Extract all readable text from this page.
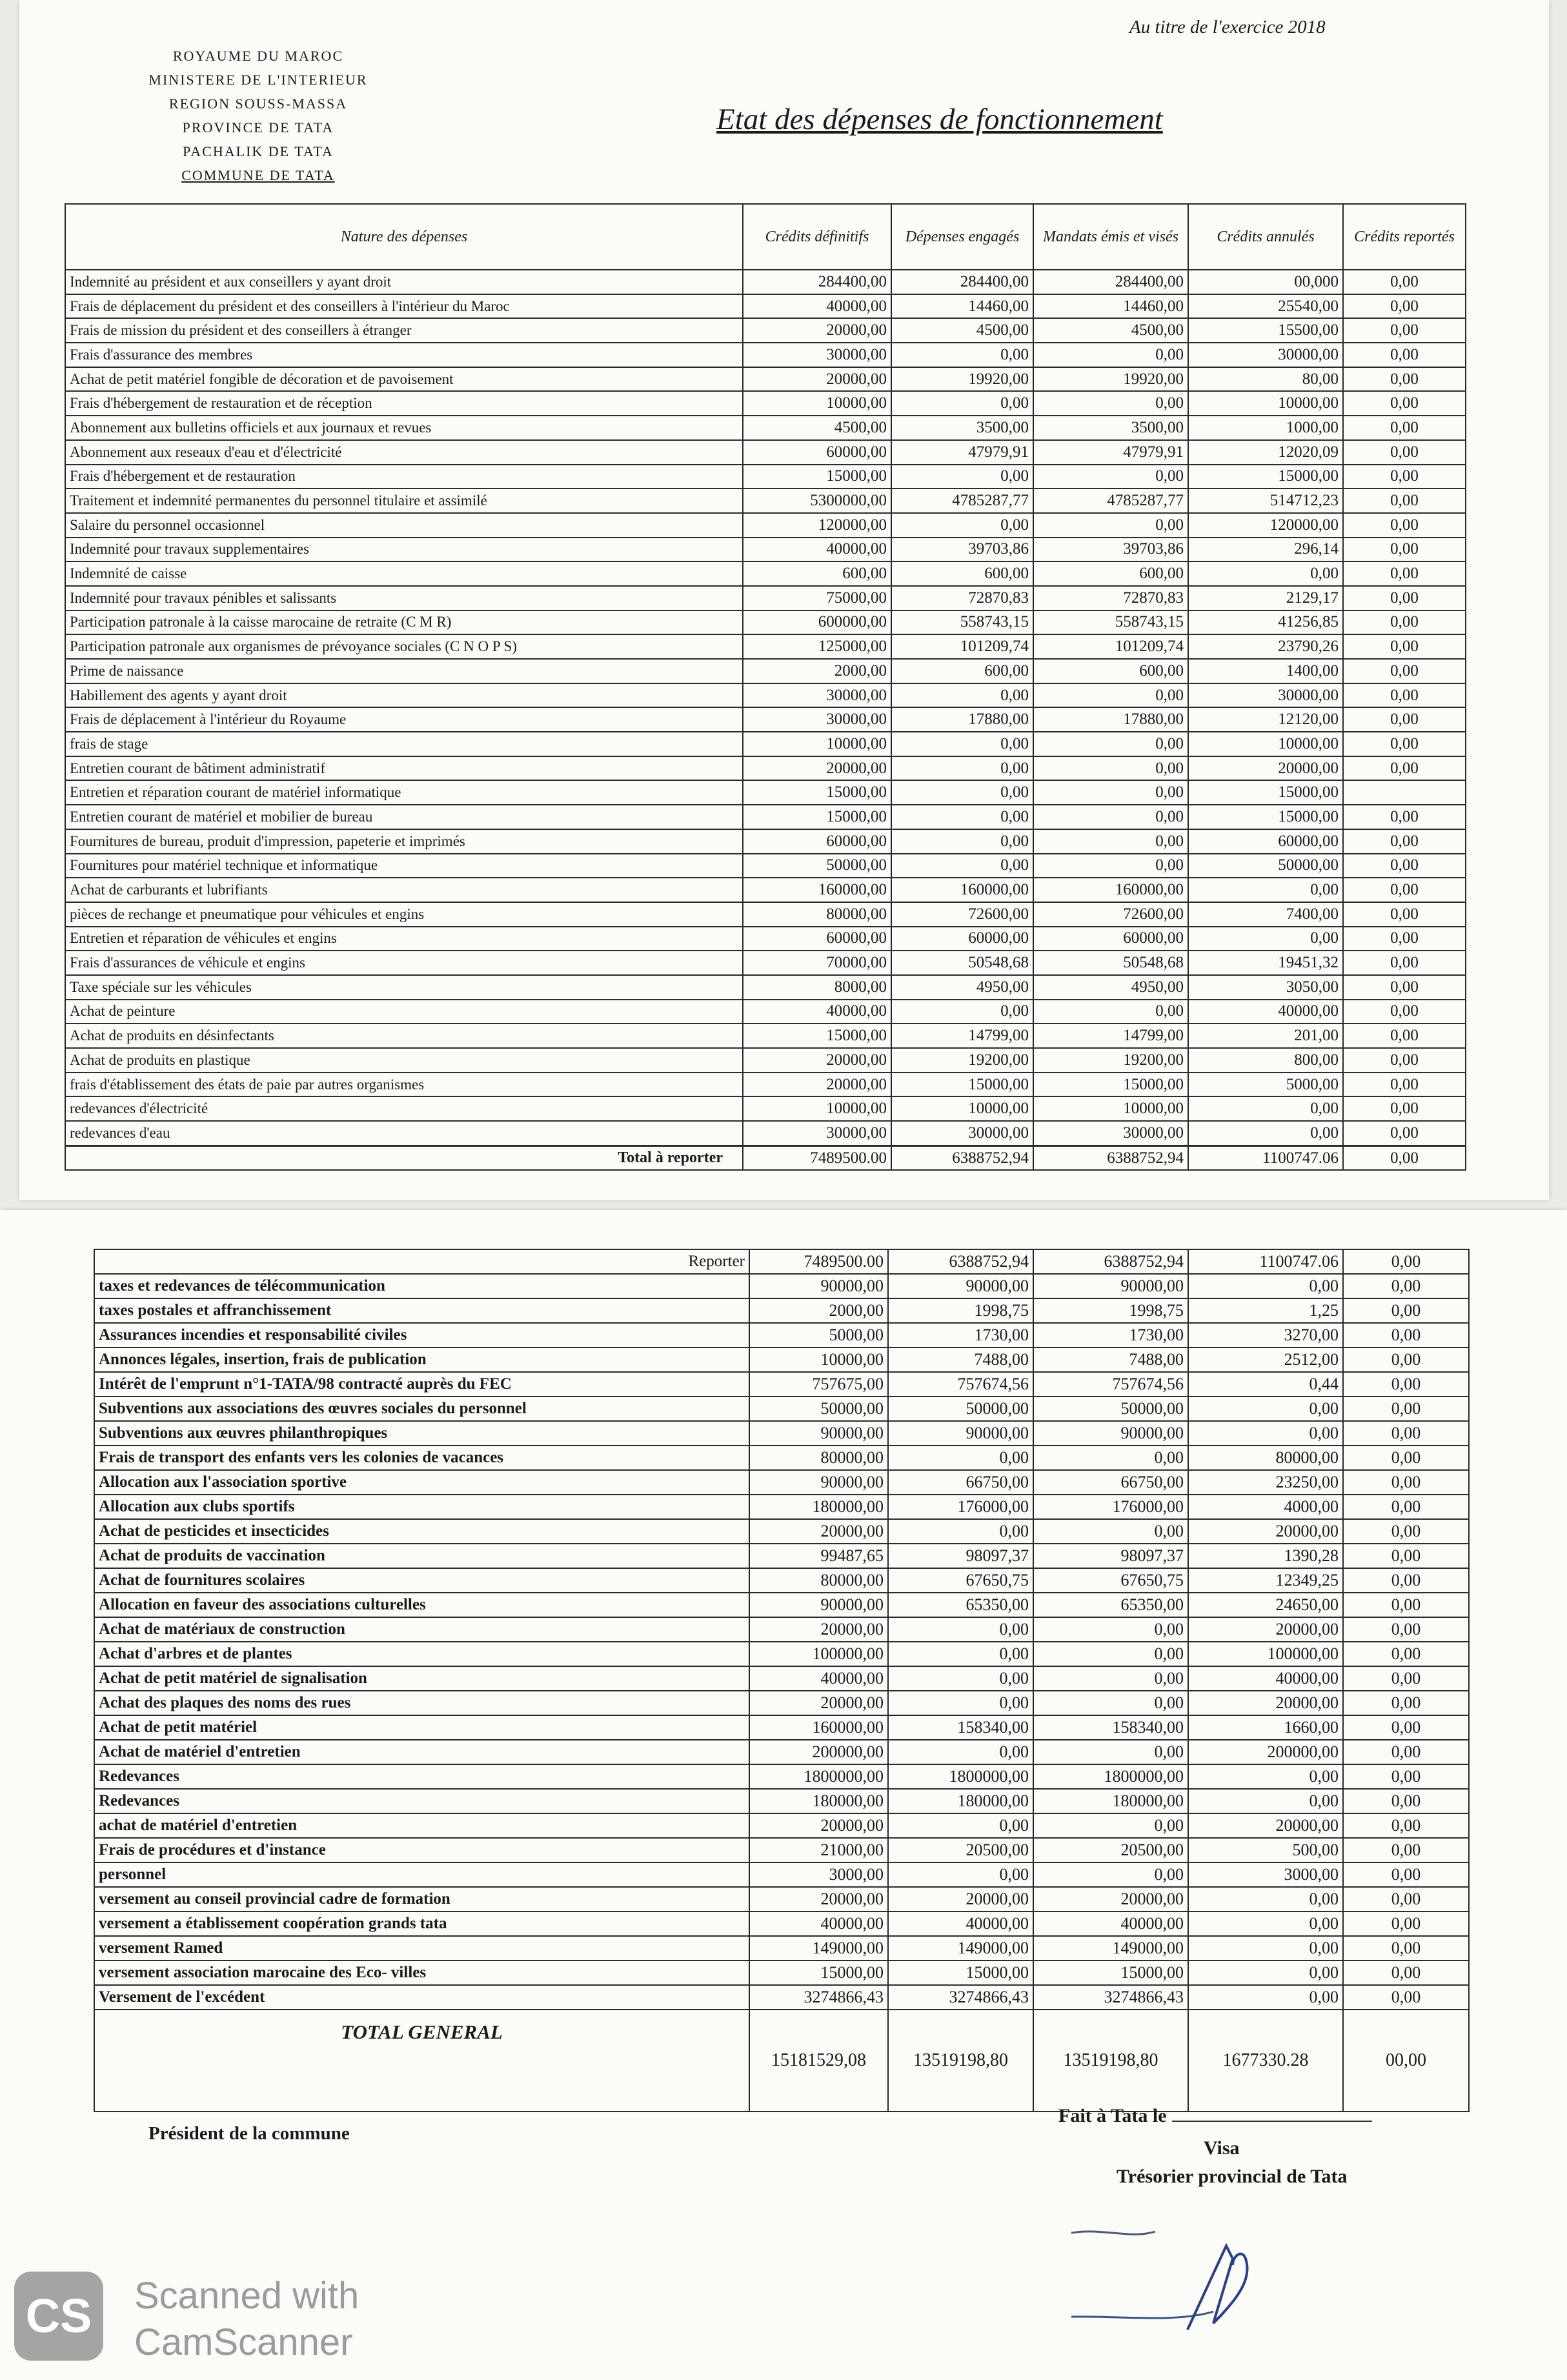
ROYAUME DU MAROC
MINISTERE DE L'INTERIEUR
REGION SOUSS-MASSA
PROVINCE DE TATA
PACHALIK DE TATA
COMMUNE DE TATA
Au titre de l'exercice 2018
Etat des dépenses de fonctionnement
Nature des dépenses	Crédits définitifs	Dépenses engagés	Mandats émis et visés	Crédits annulés	Crédits reportés
Indemnité au président et aux conseillers y ayant droit	284400,00	284400,00	284400,00	00,000	0,00
Frais de déplacement du président et des conseillers à l'intérieur du Maroc	40000,00	14460,00	14460,00	25540,00	0,00
Frais de mission du président et des conseillers à étranger	20000,00	4500,00	4500,00	15500,00	0,00
Frais d'assurance des membres	30000,00	0,00	0,00	30000,00	0,00
Achat de petit matériel fongible de décoration et de pavoisement	20000,00	19920,00	19920,00	80,00	0,00
Frais d'hébergement de restauration et de réception	10000,00	0,00	0,00	10000,00	0,00
Abonnement aux bulletins officiels et aux journaux et revues	4500,00	3500,00	3500,00	1000,00	0,00
Abonnement aux reseaux d'eau et d'électricité	60000,00	47979,91	47979,91	12020,09	0,00
Frais d'hébergement et de restauration	15000,00	0,00	0,00	15000,00	0,00
Traitement et indemnité permanentes du personnel titulaire et assimilé	5300000,00	4785287,77	4785287,77	514712,23	0,00
Salaire du personnel occasionnel	120000,00	0,00	0,00	120000,00	0,00
Indemnité pour travaux supplementaires	40000,00	39703,86	39703,86	296,14	0,00
Indemnité de caisse	600,00	600,00	600,00	0,00	0,00
Indemnité pour travaux pénibles et salissants	75000,00	72870,83	72870,83	2129,17	0,00
Participation patronale à la caisse marocaine de retraite (C M R)	600000,00	558743,15	558743,15	41256,85	0,00
Participation patronale aux organismes de prévoyance sociales (C N O P S)	125000,00	101209,74	101209,74	23790,26	0,00
Prime de naissance	2000,00	600,00	600,00	1400,00	0,00
Habillement des agents y ayant droit	30000,00	0,00	0,00	30000,00	0,00
Frais de déplacement à l'intérieur du Royaume	30000,00	17880,00	17880,00	12120,00	0,00
frais de stage	10000,00	0,00	0,00	10000,00	0,00
Entretien courant de bâtiment administratif	20000,00	0,00	0,00	20000,00	0,00
Entretien et réparation courant de matériel informatique	15000,00	0,00	0,00	15000,00	
Entretien courant de matériel et mobilier de bureau	15000,00	0,00	0,00	15000,00	0,00
Fournitures de bureau, produit d'impression, papeterie et imprimés	60000,00	0,00	0,00	60000,00	0,00
Fournitures pour matériel technique et informatique	50000,00	0,00	0,00	50000,00	0,00
Achat de carburants et lubrifiants	160000,00	160000,00	160000,00	0,00	0,00
pièces de rechange et pneumatique pour véhicules et engins	80000,00	72600,00	72600,00	7400,00	0,00
Entretien et réparation de véhicules et engins	60000,00	60000,00	60000,00	0,00	0,00
Frais d'assurances de véhicule et engins	70000,00	50548,68	50548,68	19451,32	0,00
Taxe spéciale sur les véhicules	8000,00	4950,00	4950,00	3050,00	0,00
Achat de peinture	40000,00	0,00	0,00	40000,00	0,00
Achat de produits en désinfectants	15000,00	14799,00	14799,00	201,00	0,00
Achat de produits en plastique	20000,00	19200,00	19200,00	800,00	0,00
frais d'établissement des états de paie par autres organismes	20000,00	15000,00	15000,00	5000,00	0,00
redevances d'électricité	10000,00	10000,00	10000,00	0,00	0,00
redevances d'eau	30000,00	30000,00	30000,00	0,00	0,00
Total à reporter	7489500.00	6388752,94	6388752,94	1100747.06	0,00
Reporter	7489500.00	6388752,94	6388752,94	1100747.06	0,00
taxes et redevances de télécommunication	90000,00	90000,00	90000,00	0,00	0,00
taxes postales et affranchissement	2000,00	1998,75	1998,75	1,25	0,00
Assurances incendies et responsabilité civiles	5000,00	1730,00	1730,00	3270,00	0,00
Annonces légales, insertion, frais de publication	10000,00	7488,00	7488,00	2512,00	0,00
Intérêt de l'emprunt n°1-TATA/98 contracté auprès du FEC	757675,00	757674,56	757674,56	0,44	0,00
Subventions aux associations des œuvres sociales du personnel	50000,00	50000,00	50000,00	0,00	0,00
Subventions aux œuvres philanthropiques	90000,00	90000,00	90000,00	0,00	0,00
Frais de transport des enfants vers les colonies de vacances	80000,00	0,00	0,00	80000,00	0,00
Allocation aux l'association sportive	90000,00	66750,00	66750,00	23250,00	0,00
Allocation aux clubs sportifs	180000,00	176000,00	176000,00	4000,00	0,00
Achat de pesticides et insecticides	20000,00	0,00	0,00	20000,00	0,00
Achat de produits de vaccination	99487,65	98097,37	98097,37	1390,28	0,00
Achat de fournitures scolaires	80000,00	67650,75	67650,75	12349,25	0,00
Allocation en faveur des associations culturelles	90000,00	65350,00	65350,00	24650,00	0,00
Achat de matériaux de construction	20000,00	0,00	0,00	20000,00	0,00
Achat d'arbres et de plantes	100000,00	0,00	0,00	100000,00	0,00
Achat de petit matériel de signalisation	40000,00	0,00	0,00	40000,00	0,00
Achat des plaques des noms des rues	20000,00	0,00	0,00	20000,00	0,00
Achat de petit matériel	160000,00	158340,00	158340,00	1660,00	0,00
Achat de matériel d'entretien	200000,00	0,00	0,00	200000,00	0,00
Redevances	1800000,00	1800000,00	1800000,00	0,00	0,00
Redevances	180000,00	180000,00	180000,00	0,00	0,00
achat de matériel d'entretien	20000,00	0,00	0,00	20000,00	0,00
Frais de procédures et d'instance	21000,00	20500,00	20500,00	500,00	0,00
personnel	3000,00	0,00	0,00	3000,00	0,00
versement au conseil provincial cadre de formation	20000,00	20000,00	20000,00	0,00	0,00
versement a établissement coopération grands tata	40000,00	40000,00	40000,00	0,00	0,00
versement Ramed	149000,00	149000,00	149000,00	0,00	0,00
versement association marocaine des Eco- villes	15000,00	15000,00	15000,00	0,00	0,00
Versement de l'excédent	3274866,43	3274866,43	3274866,43	0,00	0,00
TOTAL GENERAL	15181529,08	13519198,80	13519198,80	1677330.28	00,00
Président de la commune
Fait à Tata le
Visa
Trésorier provincial de Tata
CS	Scanned with
CamScanner
